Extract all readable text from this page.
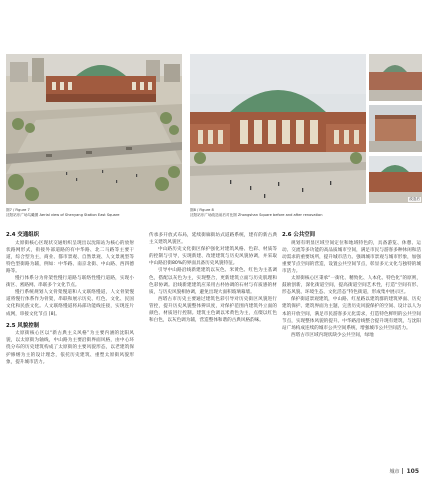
图7 / Figure 7
沈阳站东广场鸟瞰图 Aerial view of Shenyang Station East Square
改造后
图8 / Figure 8
沈阳站东广场改造前后对比图 Zhongshan Square before and after renovation
2.4 交通组织

太原街核心区现状交通组织呈现出以沈阳站为核心的放射状路网形式，衔接外部道路的有中华路、北二马路等主要干道，综合型为主，商业、都市景观、自然景观、人文景观型等特色型街路为辅，例如：中华路、南京北街、中山路、西四德路等。

慢行体系分为骨架性慢行道路与联络性慢行道路，实现小街区、密路网、串联多个文化节点。

慢行系统规划人文骨架慢道和人文联络慢道，人文骨架慢道将慢行体系作为骨架，串联和展示历史、红色、文化、民国文化和民族文化。人文联络慢道将局部功能线连接，实现连片成网，串接文化节点 [8]。

2.5 风貌控制

太原街核心区以“新古典主义风格”为主要内涵的沈阳风貌，以太原街为轴线，中山路为主要沿街界面风格，由中心环绕分布的历史建筑构成了太原街的主要风貌形态，以老建筑保护修缮为主的设计理念，依托历史建筑、重塑太原街风貌形象，提升城市活力。

传承多开放式布局，延续街廊街坊式道路系统，建有的新古典主义建筑风貌区。

中山路历史文化街区保护强化对建筑风格、色彩、材质等的控制与引导，实现新建、改建建筑与历史风貌协调，并采取中山路沿街80%的界面具备历史风貌特征。

引导中山路沿线新建建筑以灰色、米黄色、红色为主基调色，搭配以灰色为主，实现整合，更新建筑立面与历史肌理和色彩协调。沿线新建建筑应采用古朴协调的石材与有质感的材质，与历史风貌相协调，避免出现大面积玻璃幕墙。

西塔古市历史主要通过建筑色彩引导对历史街区风貌进行管控，提升历史风貌整体辨识度，对保护范围内建筑外立面的颜色、材质进行控制。建筑主色调以米黄色为主，点缀以红色和白色，以灰色调为辅，营造整体和谐的古典风格韵味。

2.6 公共空间

规划有明显区域空间定位和地域特色的，具备游览、休憩、运动、交流等多功能的高品质城市空间，满足市民与游客多种休闲和活动需求的重要场所，提升城市活力。强调城市景观与城市形象，加强重要节点空间的营造，设置公共空间节点，彰显多元文化与独特的城市活力。

太原街核心区秉承“一街化、精致化、人本化、特色化”的原则，鼓励创新，深化街道空间，提高街道空间艺术性，打造“空间有形、形态风貌、环境生态、文化活态”特色街道，形成集中展示区。

保护街道景观建筑，中山路、红星路以建筑群的建筑界面、历史建筑保护、建筑界面为主题，完善历史风貌保护的空间、设计以人为本的开放空间，满足市民游客多元化需求，打造特色鲜明的公共空间节点，实现整体风貌的提升。中华路沿线整合提升现有建筑，与沈阳站广场构成连续的城市公共空间系统，增强城市公共空间活力。

西塔古市区域内现状缺少公共空间，绿地

城市 105
